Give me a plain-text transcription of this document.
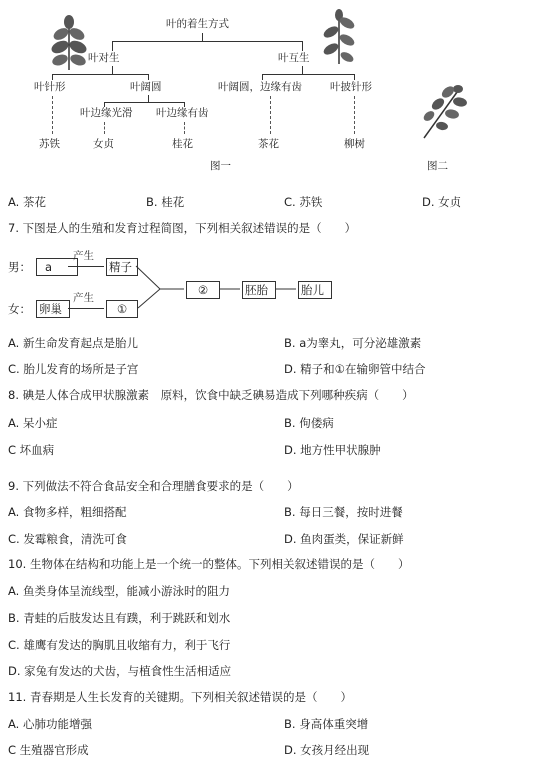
叶的着生方式
叶对生	叶互生
叶针形	叶阔圆
叶边缘光滑 叶边缘有齿
叶阔圆，边缘有齿	叶披针形
苏铁	女贞	桂花	茶花	柳树
图一	图二
A. 茶花	B. 桂花	C. 苏铁	D. 女贞
7. 下图是人的生殖和发育过程简图，下列相关叙述错误的是（　　）
男：	a
产生
精子
女： 卵巢
产生
①
②	胚胎	胎儿
A. 新生命发育起点是胎儿	B. a为睾丸，可分泌雄激素
C. 胎儿发育的场所是子宫	D. 精子和①在输卵管中结合
8. 碘是人体合成甲状腺激素　原料，饮食中缺乏碘易造成下列哪种疾病（　　）
A. 呆小症	B. 佝偻病
C 坏血病	D. 地方性甲状腺肿
9. 下列做法不符合食品安全和合理膳食要求的是（　　）
A. 食物多样，粗细搭配	B. 每日三餐，按时进餐
C. 发霉粮食，清洗可食	D. 鱼肉蛋类，保证新鲜
10. 生物体在结构和功能上是一个统一的整体。下列相关叙述错误的是（　　）
A. 鱼类身体呈流线型，能减小游泳时的阻力
B. 青蛙的后肢发达且有蹼，利于跳跃和划水
C. 雄鹰有发达的胸肌且收缩有力，利于飞行
D. 家兔有发达的犬齿，与植食性生活相适应
11. 青春期是人生长发育的关键期。下列相关叙述错误的是（　　）
A. 心肺功能增强	B. 身高体重突增
C 生殖器官形成	D. 女孩月经出现
